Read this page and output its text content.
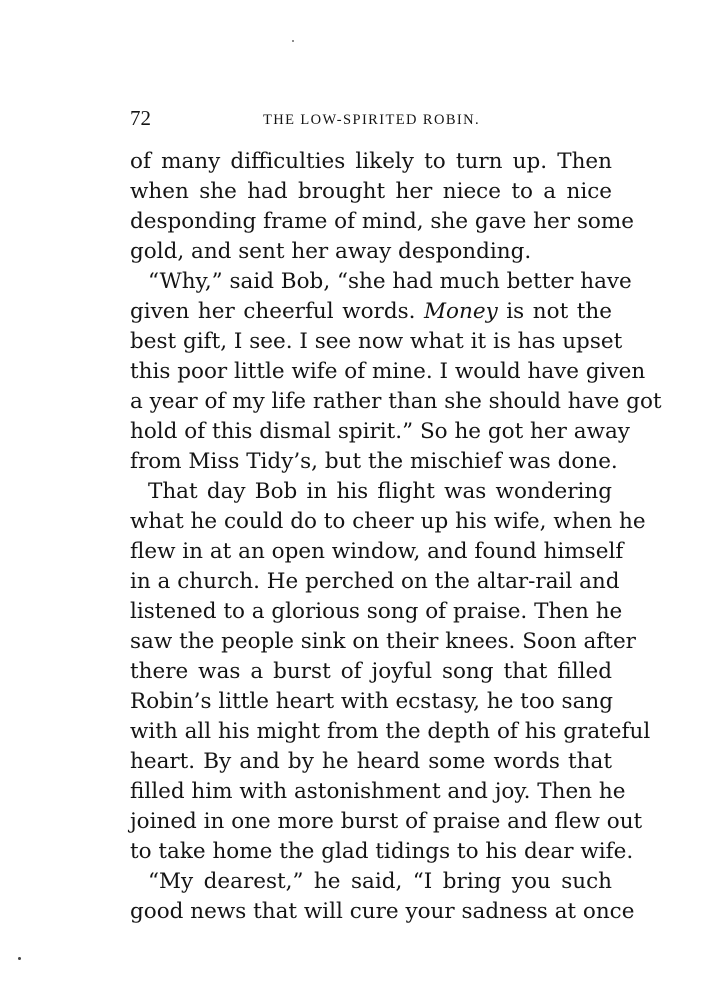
72	THE LOW-SPIRITED ROBIN.
of many difficulties likely to turn up. Then
when she had brought her niece to a nice
desponding frame of mind, she gave her some
gold, and sent her away desponding.
“Why,” said Bob, “she had much better have
given her cheerful words. Money is not the
best gift, I see. I see now what it is has upset
this poor little wife of mine. I would have given
a year of my life rather than she should have got
hold of this dismal spirit.” So he got her away
from Miss Tidy’s, but the mischief was done.
That day Bob in his flight was wondering
what he could do to cheer up his wife, when he
flew in at an open window, and found himself
in a church. He perched on the altar-rail and
listened to a glorious song of praise. Then he
saw the people sink on their knees. Soon after
there was a burst of joyful song that filled
Robin’s little heart with ecstasy, he too sang
with all his might from the depth of his grateful
heart. By and by he heard some words that
filled him with astonishment and joy. Then he
joined in one more burst of praise and flew out
to take home the glad tidings to his dear wife.
“My dearest,” he said, “I bring you such
good news that will cure your sadness at once
